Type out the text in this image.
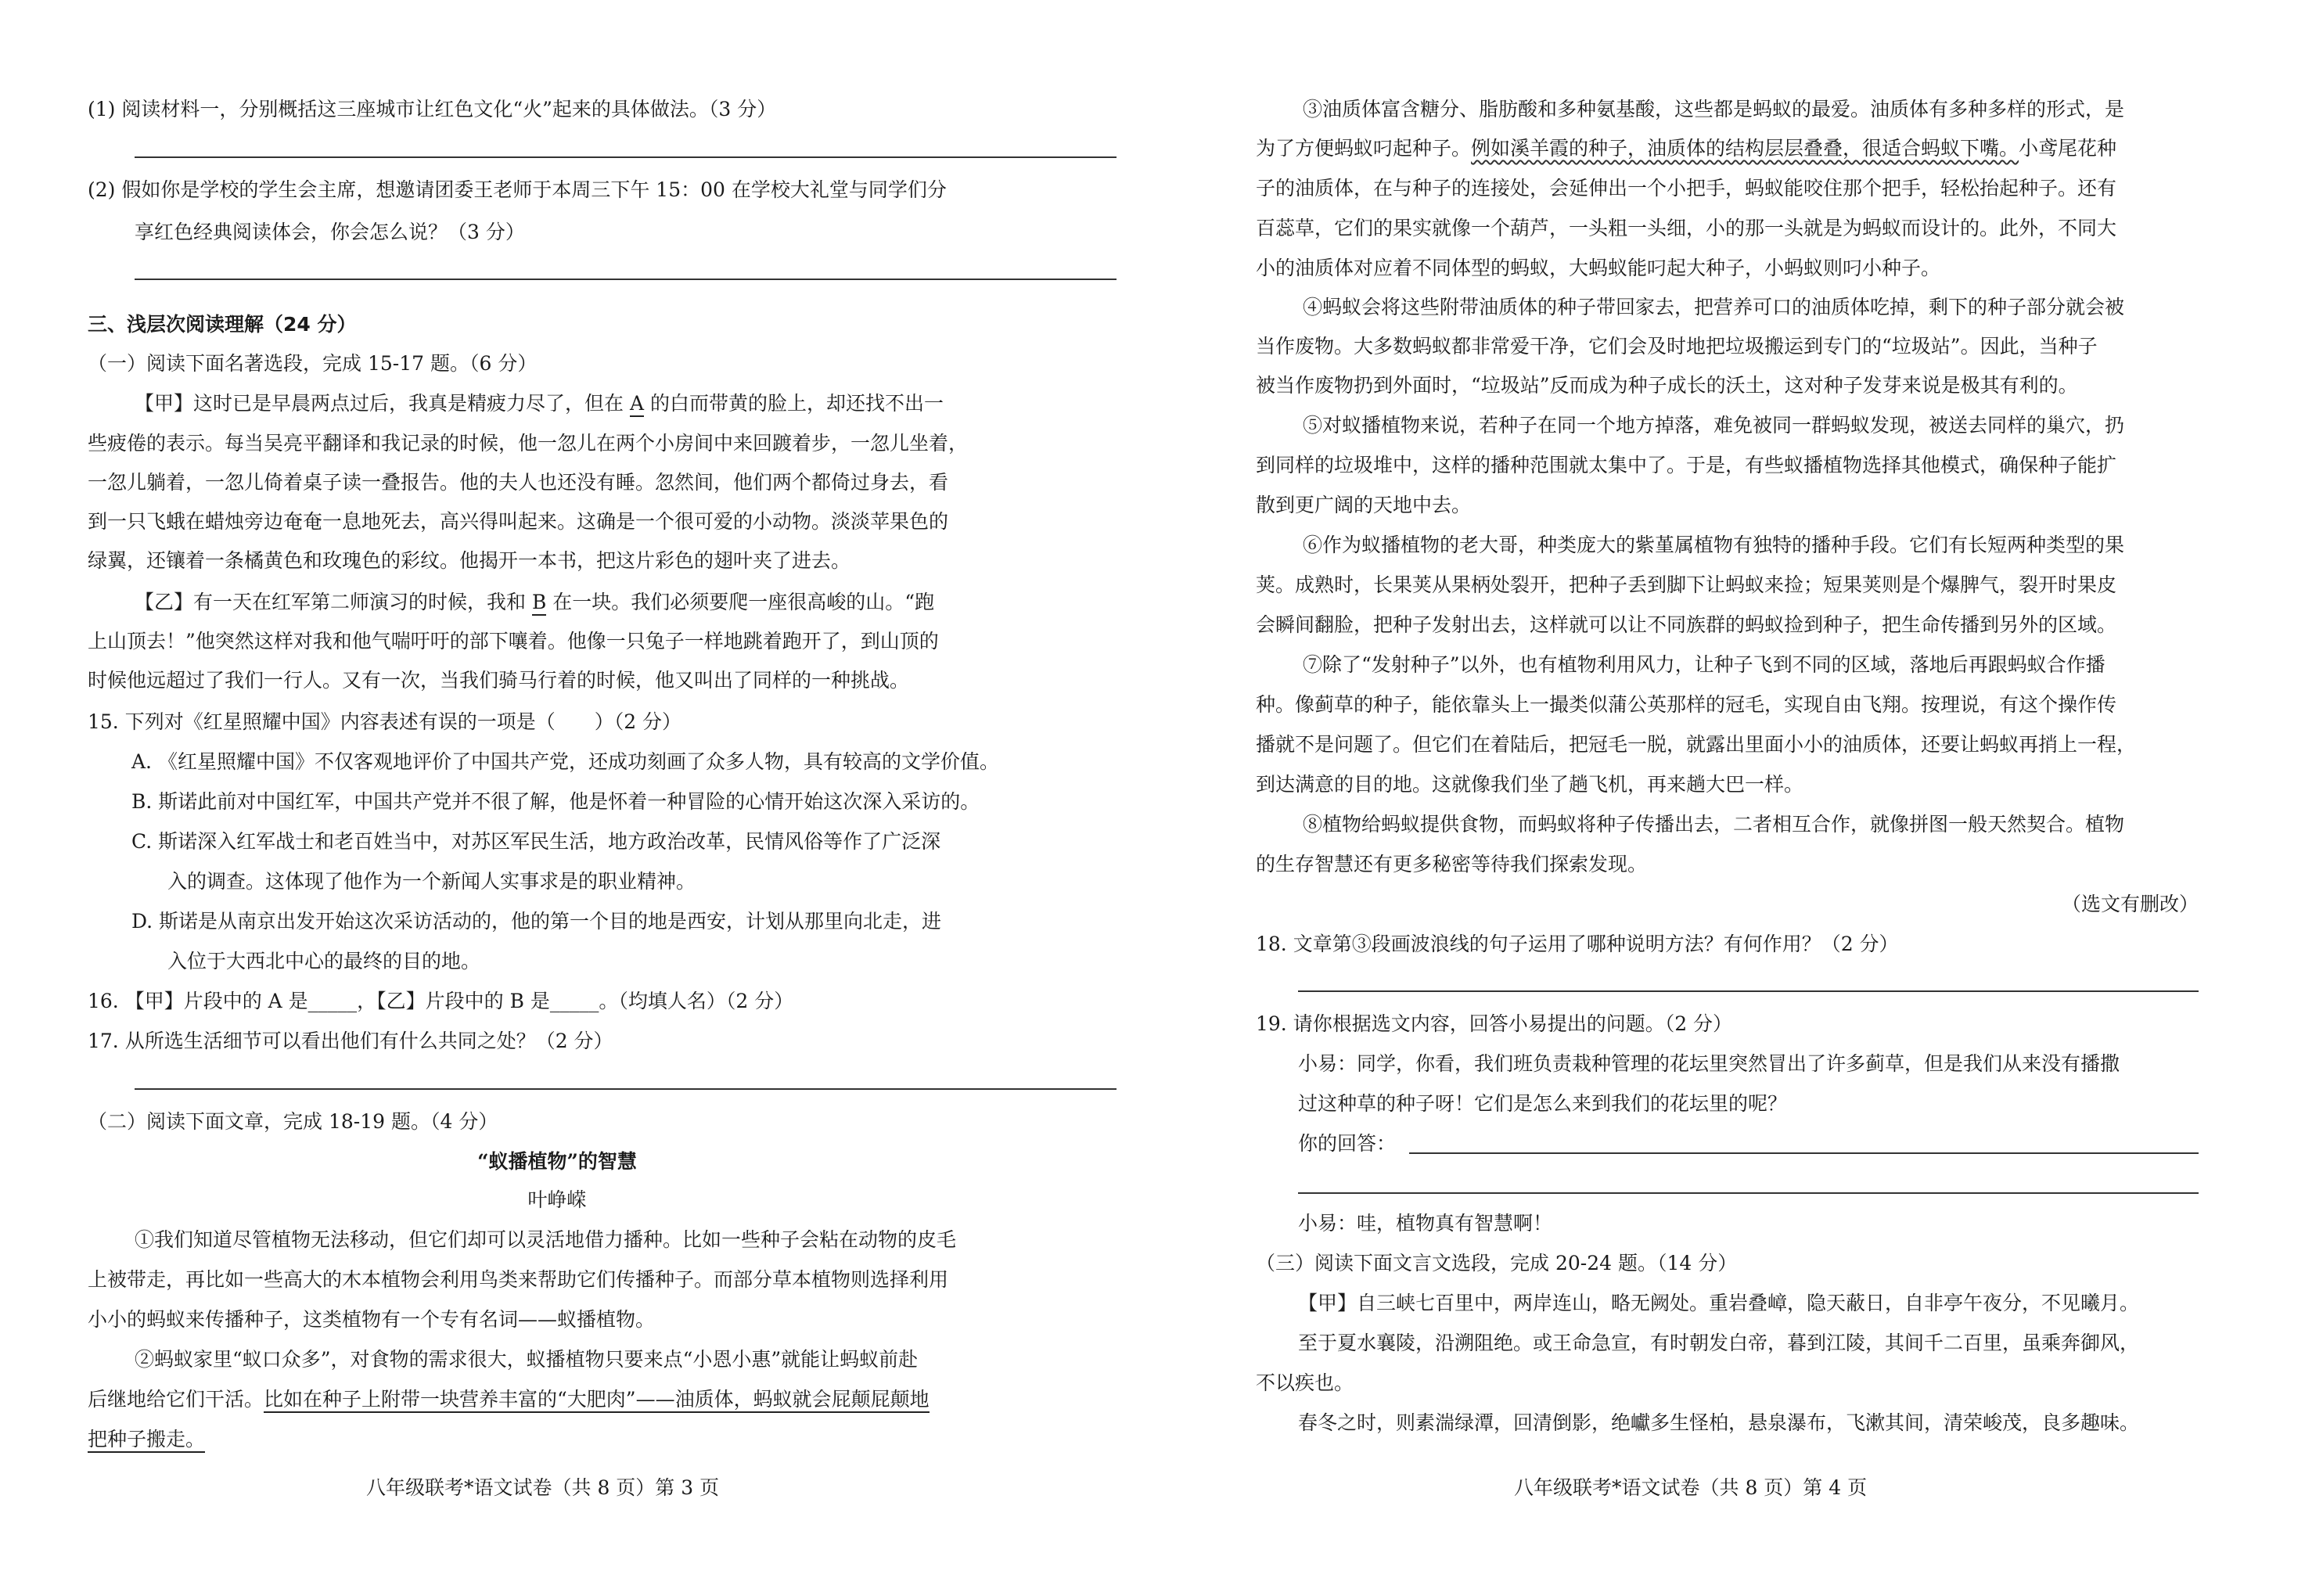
(1) 阅读材料一，分别概括这三座城市让红色文化“火”起来的具体做法。（3 分）
(2) 假如你是学校的学生会主席，想邀请团委王老师于本周三下午 15：00 在学校大礼堂与同学们分
享红色经典阅读体会，你会怎么说？（3 分）
三、浅层次阅读理解（24 分）
（一）阅读下面名著选段，完成 15-17 题。（6 分）
【甲】这时已是早晨两点过后，我真是精疲力尽了，但在 A 的白而带黄的脸上，却还找不出一
些疲倦的表示。每当吴亮平翻译和我记录的时候，他一忽儿在两个小房间中来回踱着步，一忽儿坐着，
一忽儿躺着，一忽儿倚着桌子读一叠报告。他的夫人也还没有睡。忽然间，他们两个都倚过身去，看
到一只飞蛾在蜡烛旁边奄奄一息地死去，高兴得叫起来。这确是一个很可爱的小动物。淡淡苹果色的
绿翼，还镶着一条橘黄色和玫瑰色的彩纹。他揭开一本书，把这片彩色的翅叶夹了进去。
【乙】有一天在红军第二师演习的时候，我和 B 在一块。我们必须要爬一座很高峻的山。“跑
上山顶去！”他突然这样对我和他气喘吁吁的部下嚷着。他像一只兔子一样地跳着跑开了，到山顶的
时候他远超过了我们一行人。又有一次，当我们骑马行着的时候，他又叫出了同样的一种挑战。
15. 下列对《红星照耀中国》内容表述有误的一项是（　　）（2 分）
A. 《红星照耀中国》不仅客观地评价了中国共产党，还成功刻画了众多人物，具有较高的文学价值。
B. 斯诺此前对中国红军，中国共产党并不很了解，他是怀着一种冒险的心情开始这次深入采访的。
C. 斯诺深入红军战士和老百姓当中，对苏区军民生活，地方政治改革，民情风俗等作了广泛深
入的调查。这体现了他作为一个新闻人实事求是的职业精神。
D. 斯诺是从南京出发开始这次采访活动的，他的第一个目的地是西安，计划从那里向北走，进
入位于大西北中心的最终的目的地。
16. 【甲】片段中的 A 是_____，【乙】片段中的 B 是_____。（均填人名）（2 分）
17. 从所选生活细节可以看出他们有什么共同之处？（2 分）
（二）阅读下面文章，完成 18-19 题。（4 分）
“蚁播植物”的智慧
叶峥嵘
①我们知道尽管植物无法移动，但它们却可以灵活地借力播种。比如一些种子会粘在动物的皮毛
上被带走，再比如一些高大的木本植物会利用鸟类来帮助它们传播种子。而部分草本植物则选择利用
小小的蚂蚁来传播种子，这类植物有一个专有名词——蚁播植物。
②蚂蚁家里“蚁口众多”，对食物的需求很大，蚁播植物只要来点“小恩小惠”就能让蚂蚁前赴
后继地给它们干活。比如在种子上附带一块营养丰富的“大肥肉”——油质体，蚂蚁就会屁颠屁颠地
把种子搬走。
八年级联考*语文试卷（共 8 页）第 3 页
③油质体富含糖分、脂肪酸和多种氨基酸，这些都是蚂蚁的最爱。油质体有多种多样的形式，是
为了方便蚂蚁叼起种子。例如溪羊霞的种子，油质体的结构层层叠叠，很适合蚂蚁下嘴。小鸢尾花种
子的油质体，在与种子的连接处，会延伸出一个小把手，蚂蚁能咬住那个把手，轻松抬起种子。还有
百蕊草，它们的果实就像一个葫芦，一头粗一头细，小的那一头就是为蚂蚁而设计的。此外，不同大
小的油质体对应着不同体型的蚂蚁，大蚂蚁能叼起大种子，小蚂蚁则叼小种子。
④蚂蚁会将这些附带油质体的种子带回家去，把营养可口的油质体吃掉，剩下的种子部分就会被
当作废物。大多数蚂蚁都非常爱干净，它们会及时地把垃圾搬运到专门的“垃圾站”。因此，当种子
被当作废物扔到外面时，“垃圾站”反而成为种子成长的沃土，这对种子发芽来说是极其有利的。
⑤对蚁播植物来说，若种子在同一个地方掉落，难免被同一群蚂蚁发现，被送去同样的巢穴，扔
到同样的垃圾堆中，这样的播种范围就太集中了。于是，有些蚁播植物选择其他模式，确保种子能扩
散到更广阔的天地中去。
⑥作为蚁播植物的老大哥，种类庞大的紫堇属植物有独特的播种手段。它们有长短两种类型的果
荚。成熟时，长果荚从果柄处裂开，把种子丢到脚下让蚂蚁来捡；短果荚则是个爆脾气，裂开时果皮
会瞬间翻脸，把种子发射出去，这样就可以让不同族群的蚂蚁捡到种子，把生命传播到另外的区域。
⑦除了“发射种子”以外，也有植物利用风力，让种子飞到不同的区域，落地后再跟蚂蚁合作播
种。像蓟草的种子，能依靠头上一撮类似蒲公英那样的冠毛，实现自由飞翔。按理说，有这个操作传
播就不是问题了。但它们在着陆后，把冠毛一脱，就露出里面小小的油质体，还要让蚂蚁再捎上一程，
到达满意的目的地。这就像我们坐了趟飞机，再来趟大巴一样。
⑧植物给蚂蚁提供食物，而蚂蚁将种子传播出去，二者相互合作，就像拼图一般天然契合。植物
的生存智慧还有更多秘密等待我们探索发现。
（选文有删改）
18. 文章第③段画波浪线的句子运用了哪种说明方法？有何作用？（2 分）
19. 请你根据选文内容，回答小易提出的问题。（2 分）
小易：同学，你看，我们班负责栽种管理的花坛里突然冒出了许多蓟草，但是我们从来没有播撒
过这种草的种子呀！它们是怎么来到我们的花坛里的呢？
你的回答：
小易：哇，植物真有智慧啊！
（三）阅读下面文言文选段，完成 20-24 题。（14 分）
【甲】自三峡七百里中，两岸连山，略无阙处。重岩叠嶂，隐天蔽日，自非亭午夜分，不见曦月。
至于夏水襄陵，沿溯阻绝。或王命急宣，有时朝发白帝，暮到江陵，其间千二百里，虽乘奔御风，
不以疾也。
春冬之时，则素湍绿潭，回清倒影，绝巘多生怪柏，悬泉瀑布，飞漱其间，清荣峻茂，良多趣味。
八年级联考*语文试卷（共 8 页）第 4 页
